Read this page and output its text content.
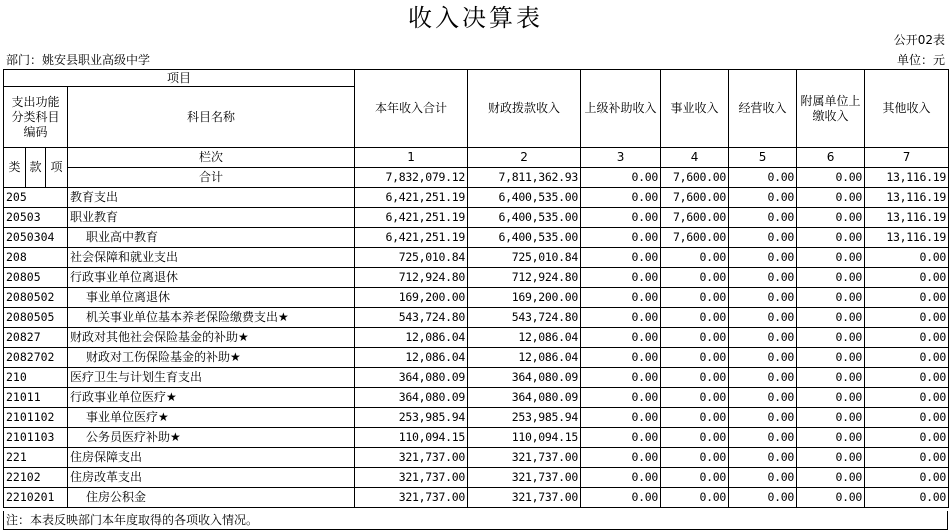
收入决算表
公开02表
部门：姚安县职业高级中学	单位：元
项目				本年收入合计	财政拨款收入	上级补助收入	事业收入	经营收入	附属单位上缴收入	其他收入
支出功能分类科目编码			科目名称							

类	款	项	栏次	1	2	3	4	5	6	7
			合计	7,832,079.12	7,811,362.93	0.00	7,600.00	0.00	0.00	13,116.19
205			教育支出	6,421,251.19	6,400,535.00	0.00	7,600.00	0.00	0.00	13,116.19
20503			职业教育	6,421,251.19	6,400,535.00	0.00	7,600.00	0.00	0.00	13,116.19
2050304			职业高中教育	6,421,251.19	6,400,535.00	0.00	7,600.00	0.00	0.00	13,116.19
208			社会保障和就业支出	725,010.84	725,010.84	0.00	0.00	0.00	0.00	0.00
20805			行政事业单位离退休	712,924.80	712,924.80	0.00	0.00	0.00	0.00	0.00
2080502			事业单位离退休	169,200.00	169,200.00	0.00	0.00	0.00	0.00	0.00
2080505			机关事业单位基本养老保险缴费支出★	543,724.80	543,724.80	0.00	0.00	0.00	0.00	0.00
20827			财政对其他社会保险基金的补助★	12,086.04	12,086.04	0.00	0.00	0.00	0.00	0.00
2082702			财政对工伤保险基金的补助★	12,086.04	12,086.04	0.00	0.00	0.00	0.00	0.00
210			医疗卫生与计划生育支出	364,080.09	364,080.09	0.00	0.00	0.00	0.00	0.00
21011			行政事业单位医疗★	364,080.09	364,080.09	0.00	0.00	0.00	0.00	0.00
2101102			事业单位医疗★	253,985.94	253,985.94	0.00	0.00	0.00	0.00	0.00
2101103			公务员医疗补助★	110,094.15	110,094.15	0.00	0.00	0.00	0.00	0.00
221			住房保障支出	321,737.00	321,737.00	0.00	0.00	0.00	0.00	0.00
22102			住房改革支出	321,737.00	321,737.00	0.00	0.00	0.00	0.00	0.00
2210201			住房公积金	321,737.00	321,737.00	0.00	0.00	0.00	0.00	0.00
注：本表反映部门本年度取得的各项收入情况。
